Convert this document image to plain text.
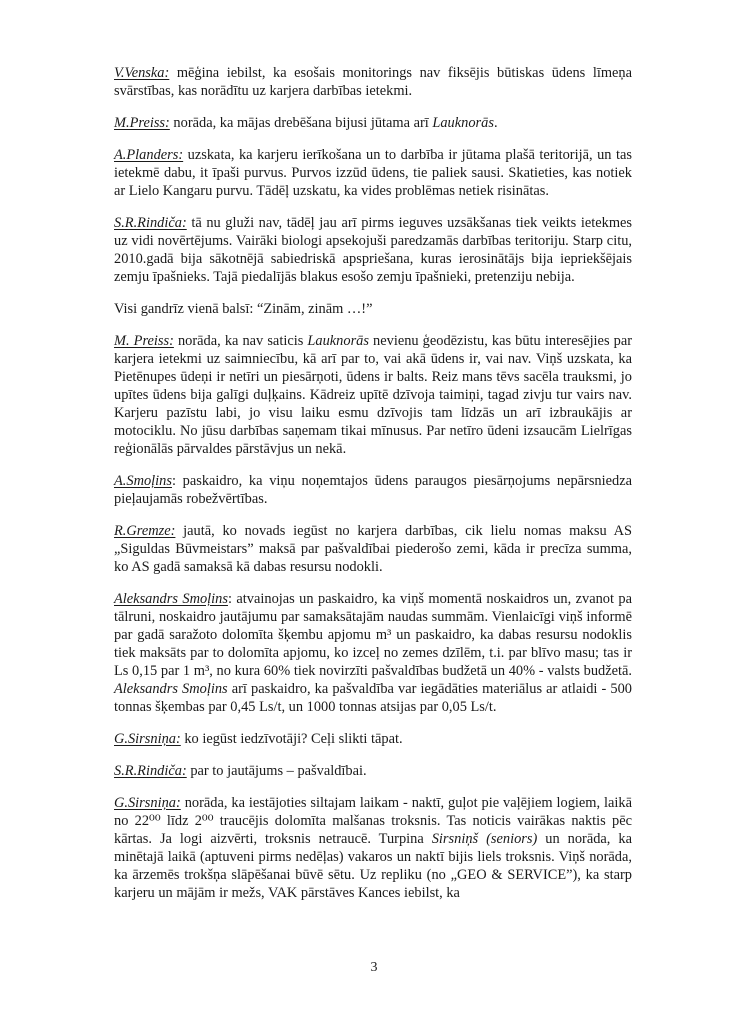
V.Venska: mēģina iebilst, ka esošais monitorings nav fiksējis būtiskas ūdens līmeņa svārstības, kas norādītu uz karjera darbības ietekmi.

M.Preiss: norāda, ka mājas drebēšana bijusi jūtama arī Lauknorās.

A.Planders: uzskata, ka karjeru ierīkošana un to darbība ir jūtama plašā teritorijā, un tas ietekmē dabu, it īpaši purvus. Purvos izzūd ūdens, tie paliek sausi. Skatieties, kas notiek ar Lielo Kangaru purvu. Tādēļ uzskatu, ka vides problēmas netiek risinātas.

S.R.Rindiča: tā nu gluži nav, tādēļ jau arī pirms ieguves uzsākšanas tiek veikts ietekmes uz vidi novērtējums. Vairāki biologi apsekojuši paredzamās darbības teritoriju. Starp citu, 2010.gadā bija sākotnējā sabiedriskā apspriešana, kuras ierosinātājs bija iepriekšējais zemju īpašnieks. Tajā piedalījās blakus esošo zemju īpašnieki, pretenziju nebija.

Visi gandrīz vienā balsī: “Zinām, zinām …!”

M. Preiss: norāda, ka nav saticis Lauknorās nevienu ģeodēzistu, kas būtu interesējies par karjera ietekmi uz saimniecību, kā arī par to, vai akā ūdens ir, vai nav. Viņš uzskata, ka Pietēnupes ūdeņi ir netīri un piesārņoti, ūdens ir balts. Reiz mans tēvs sacēla trauksmi, jo upītes ūdens bija galīgi duļķains. Kādreiz upītē dzīvoja taimiņi, tagad zivju tur vairs nav. Karjeru pazīstu labi, jo visu laiku esmu dzīvojis tam līdzās un arī izbraukājis ar motociklu. No jūsu darbības saņemam tikai mīnusus. Par netīro ūdeni izsaucām Lielrīgas reģionālās pārvaldes pārstāvjus un nekā.

A.Smoļins: paskaidro, ka viņu noņemtajos ūdens paraugos piesārņojums nepārsniedza pieļaujamās robežvērtības.

R.Gremze: jautā, ko novads iegūst no karjera darbības, cik lielu nomas maksu AS „Siguldas Būvmeistars” maksā par pašvaldībai piederošo zemi, kāda ir precīza summa, ko AS gadā samaksā kā dabas resursu nodokli.

Aleksandrs Smoļins: atvainojas un paskaidro, ka viņš momentā noskaidros un, zvanot pa tālruni, noskaidro jautājumu par samaksātajām naudas summām. Vienlaicīgi viņš informē par gadā saražoto dolomīta šķembu apjomu m³ un paskaidro, ka dabas resursu nodoklis tiek maksāts par to dolomīta apjomu, ko izceļ no zemes dzīlēm, t.i. par blīvo masu; tas ir Ls 0,15 par 1 m³, no kura 60% tiek novirzīti pašvaldības budžetā un 40% - valsts budžetā. Aleksandrs Smoļins arī paskaidro, ka pašvaldība var iegādāties materiālus ar atlaidi - 500 tonnas šķembas par 0,45 Ls/t, un 1000 tonnas atsijas par 0,05 Ls/t.

G.Sirsniņa: ko iegūst iedzīvotāji? Ceļi slikti tāpat.

S.R.Rindiča: par to jautājums – pašvaldībai.

G.Sirsniņa: norāda, ka iestājoties siltajam laikam - naktī, guļot pie vaļējiem logiem, laikā no 22⁰⁰ līdz 2⁰⁰ traucējis dolomīta malšanas troksnis. Tas noticis vairākas naktis pēc kārtas. Ja logi aizvērti, troksnis netraucē. Turpina Sirsniņš (seniors) un norāda, ka minētajā laikā (aptuveni pirms nedēļas) vakaros un naktī bijis liels troksnis. Viņš norāda, ka ārzemēs trokšņa slāpēšanai būvē sētu. Uz repliku (no „GEO & SERVICE”), ka starp karjeru un mājām ir mežs, VAK pārstāves Kances iebilst, ka

3
